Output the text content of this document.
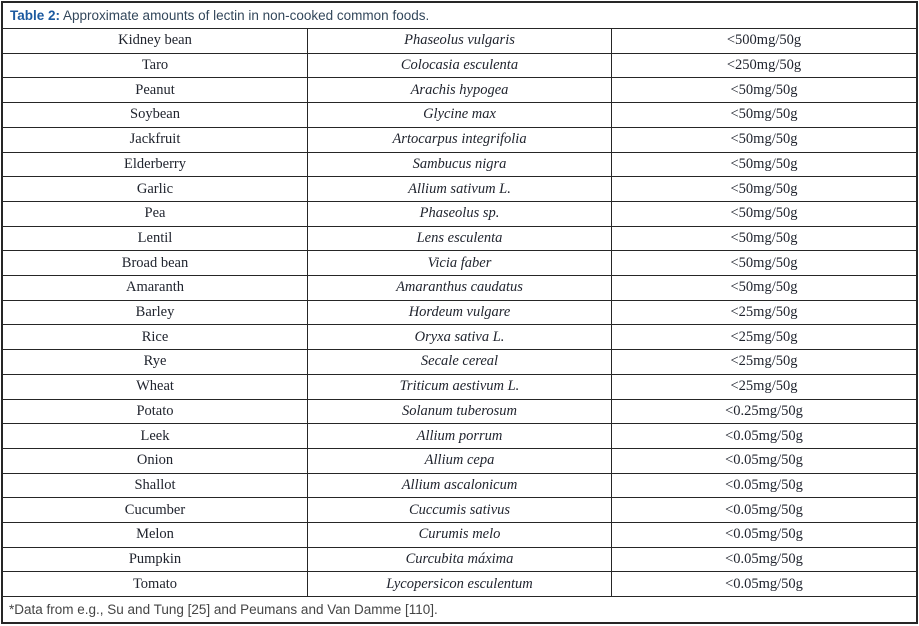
Table 2: Approximate amounts of lectin in non-cooked common foods.
Kidney bean	Phaseolus vulgaris	<500mg/50g
Taro	Colocasia esculenta	<250mg/50g
Peanut	Arachis hypogea	<50mg/50g
Soybean	Glycine max	<50mg/50g
Jackfruit	Artocarpus integrifolia	<50mg/50g
Elderberry	Sambucus nigra	<50mg/50g
Garlic	Allium sativum L.	<50mg/50g
Pea	Phaseolus sp.	<50mg/50g
Lentil	Lens esculenta	<50mg/50g
Broad bean	Vicia faber	<50mg/50g
Amaranth	Amaranthus caudatus	<50mg/50g
Barley	Hordeum vulgare	<25mg/50g
Rice	Oryxa sativa L.	<25mg/50g
Rye	Secale cereal	<25mg/50g
Wheat	Triticum aestivum L.	<25mg/50g
Potato	Solanum tuberosum	<0.25mg/50g
Leek	Allium porrum	<0.05mg/50g
Onion	Allium cepa	<0.05mg/50g
Shallot	Allium ascalonicum	<0.05mg/50g
Cucumber	Cuccumis sativus	<0.05mg/50g
Melon	Curumis melo	<0.05mg/50g
Pumpkin	Curcubita máxima	<0.05mg/50g
Tomato	Lycopersicon esculentum	<0.05mg/50g
*Data from e.g., Su and Tung [25] and Peumans and Van Damme [110].
